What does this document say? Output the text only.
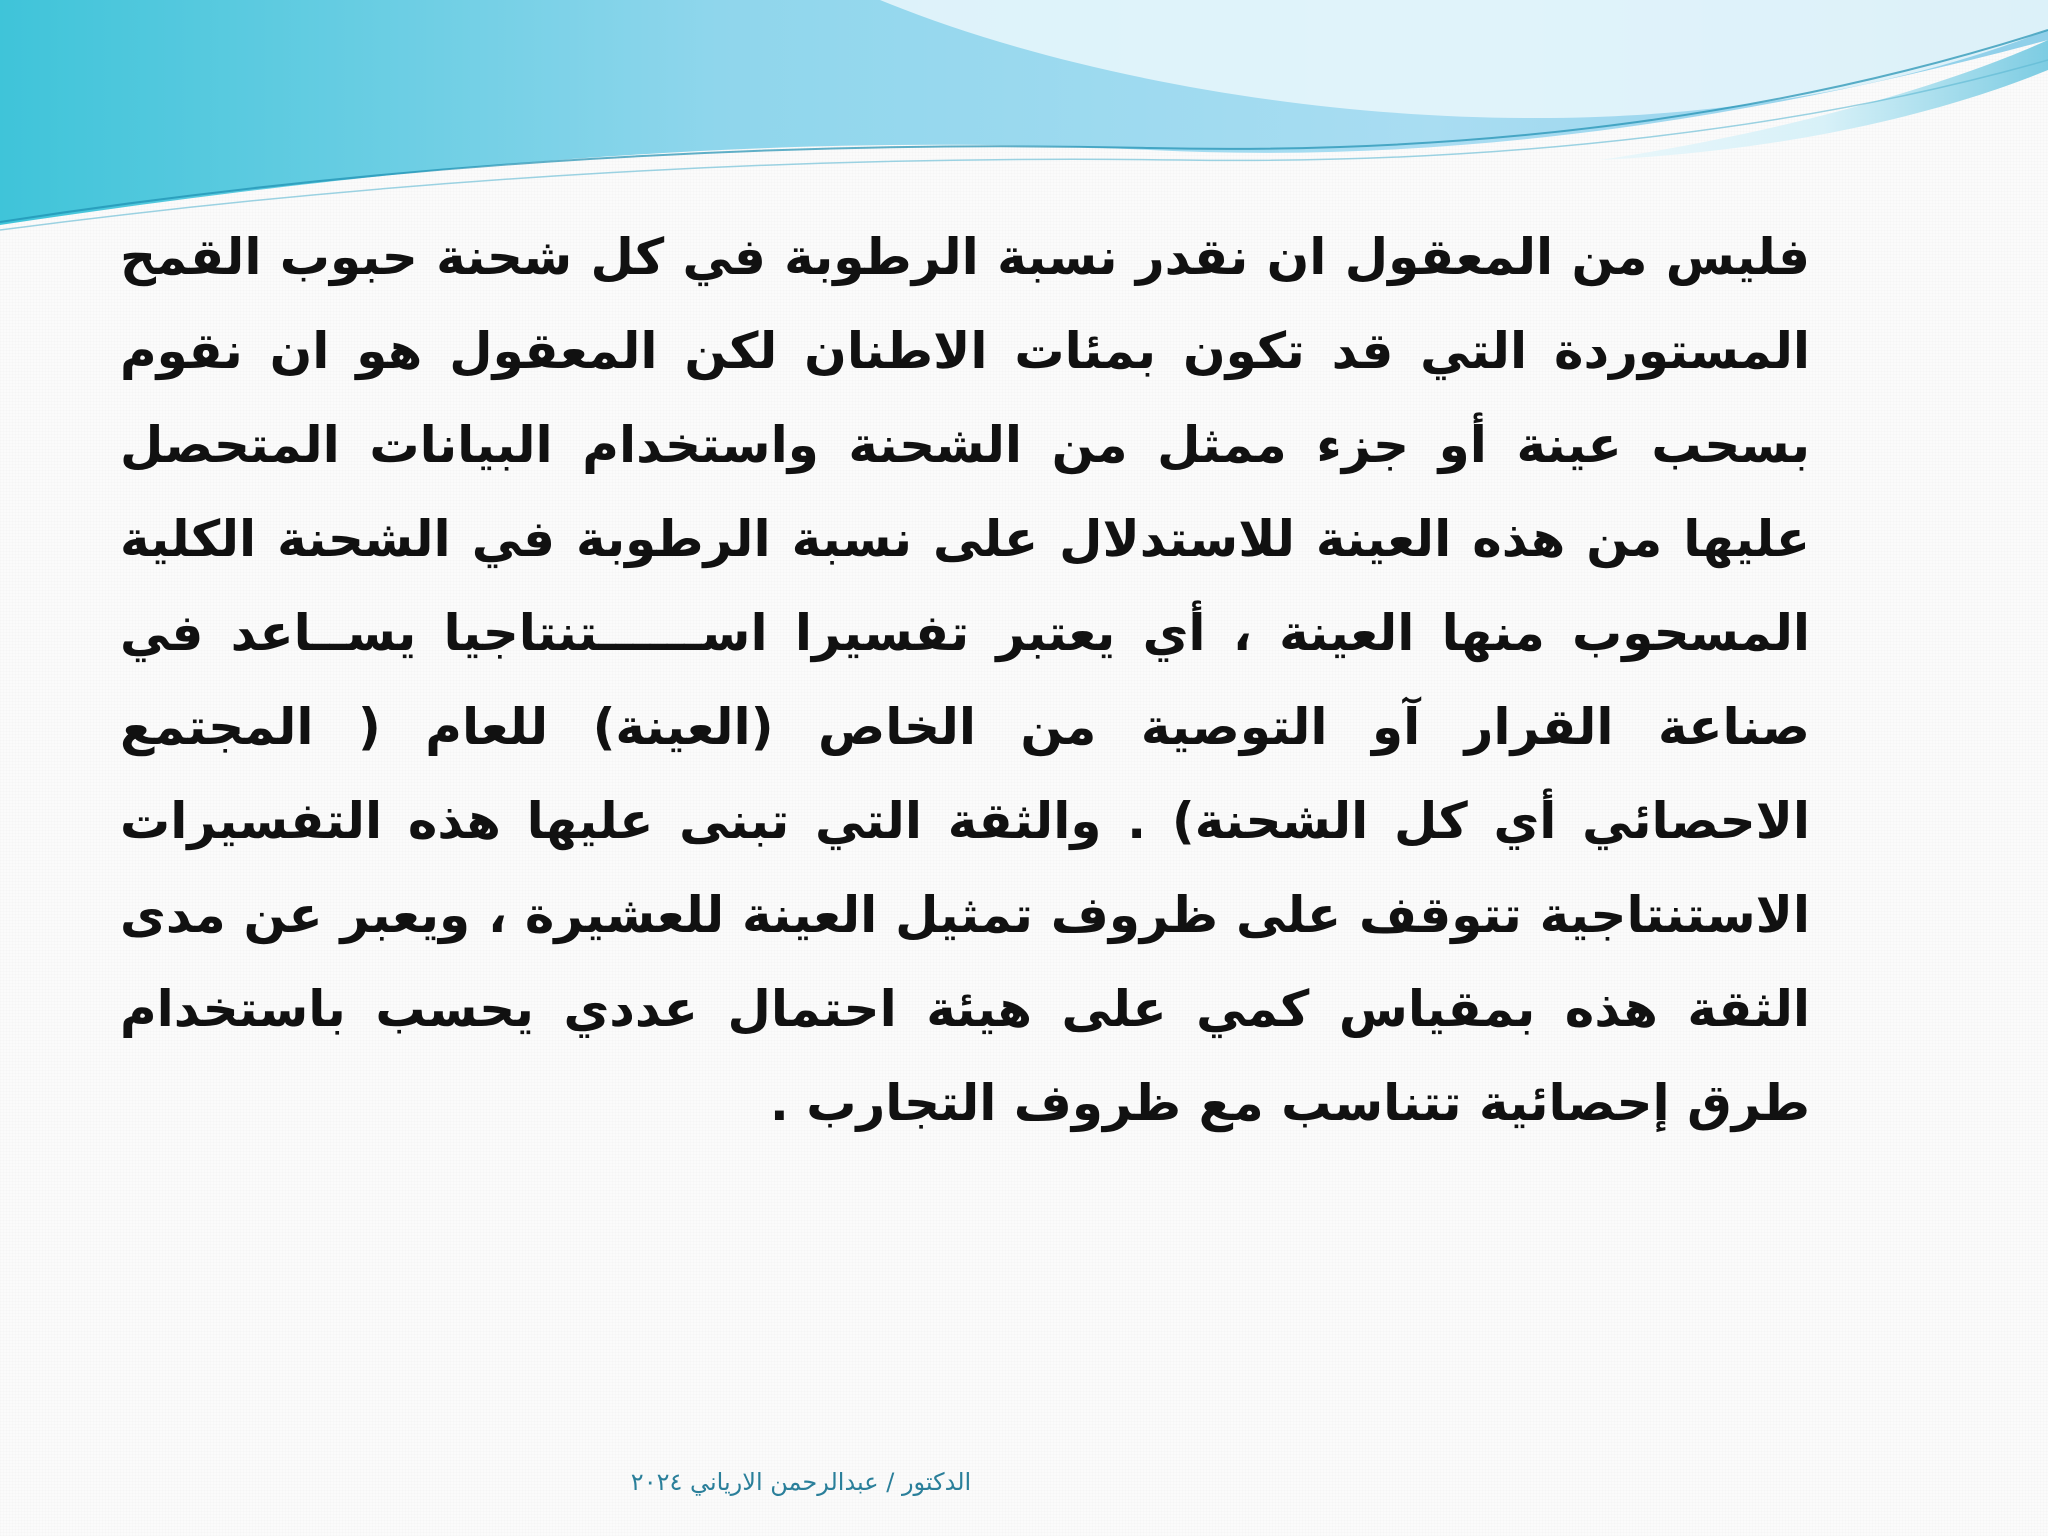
فليس من المعقول ان نقدر نسبة الرطوبة في كل شحنة حبوب القمح المستوردة التي قد تكون بمئات الاطنان لكن المعقول هو ان نقوم بسحب عينة أو جزء ممثل من الشحنة واستخدام البيانات المتحصل عليها من هذه العينة للاستدلال على نسبة الرطوبة في الشحنة الكلية المسحوب منها العينة ، أي يعتبر تفسيرا اســــــتنتاجيا يســاعد في صناعة القرار آو التوصية من الخاص (العينة) للعام ( المجتمع الاحصائي أي كل الشحنة) . والثقة التي تبنى عليها هذه التفسيرات الاستنتاجية تتوقف على ظروف تمثيل العينة للعشيرة ، ويعبر عن مدى الثقة هذه بمقياس كمي على هيئة احتمال عددي يحسب باستخدام طرق إحصائية تتناسب مع ظروف التجارب .

الدكتور / عبدالرحمن الارياني ٢٠٢٤
